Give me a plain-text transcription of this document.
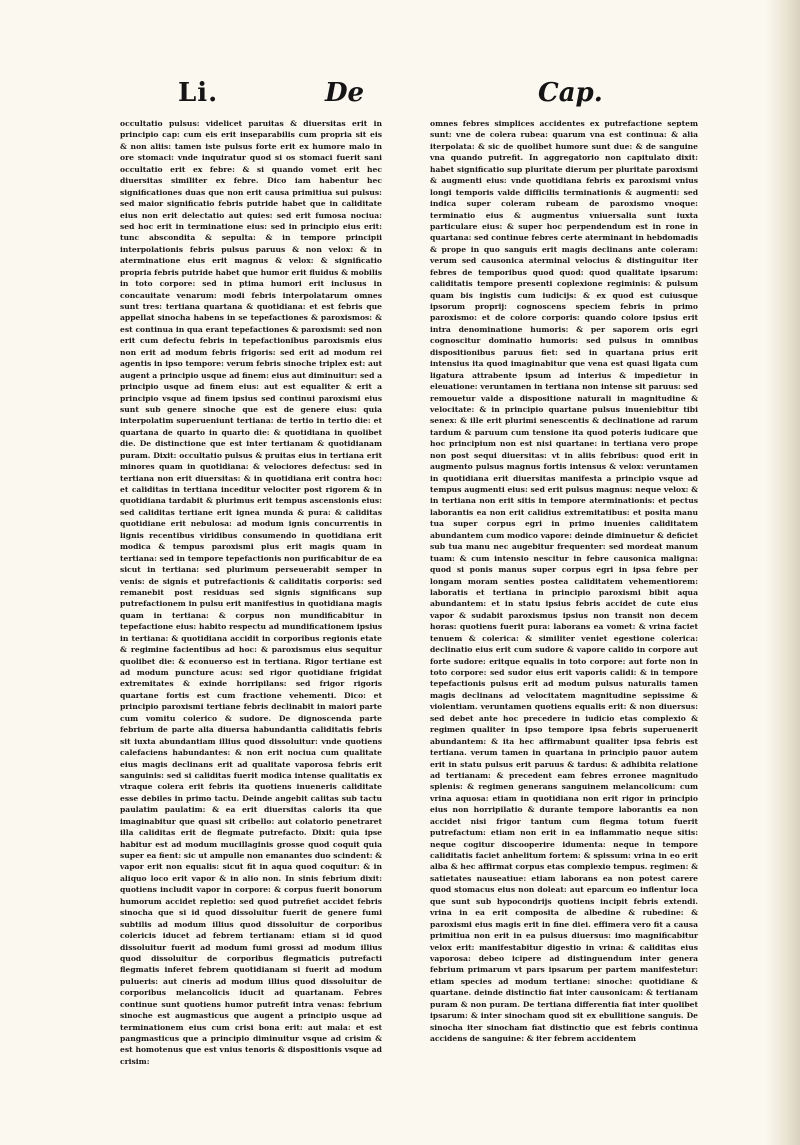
Li.	De	Cap.

occultatio pulsus: videlicet paruitas & diuersitas erit in principio cap: cum eis erit inseparabilis cum propria sit eis & non aliis: tamen iste pulsus forte erit ex humore malo in ore stomaci: vnde inquiratur quod si os stomaci fuerit sani occultatio erit ex febre: & si quando vomet erit hec diuersitas similiter ex febre. Dico iam habentur hec significationes duas que non erit causa primitiua sui pulsus: sed maior significatio febris putride habet que in caliditate eius non erit delectatio aut quies: sed erit fumosa nociua: sed hoc erit in terminatione eius: sed in principio eius erit: tunc abscondita & sepulta: & in tempore principii interpolationis febris pulsus paruus & non velox: & in aterminatione eius erit magnus & velox: & significatio propria febris putride habet que humor erit fluidus & mobilis in toto corpore: sed in ptima humori erit inclusus in concauitate venarum: modi febris interpolatarum omnes sunt tres: tertiana quartana & quotidiana: et est febris que appellat sinocha habens in se tepefactiones & paroxismos: & est continua in qua erant tepefactiones & paroxismi: sed non erit cum defectu febris in tepefactionibus paroxismis eius non erit ad modum febris frigoris: sed erit ad modum rei agentis in ipso tempore: verum febris sinoche triplex est: aut augent a principio usque ad finem: eius aut diminuitur: sed a principio usque ad finem eius: aut est equaliter & erit a principio vsque ad finem ipsius sed continui paroxismi eius sunt sub genere sinoche que est de genere eius: quia interpolatim superueniunt tertiana: de tertio in tertio die: et quartana de quarto in quarto die: & quotidiana in quolibet die. De distinctione que est inter tertianam & quotidianam puram. Dixit: occultatio pulsus & pruitas eius in tertiana erit minores quam in quotidiana: & velociores defectus: sed in tertiana non erit diuersitas: & in quotidiana erit contra hoc: et caliditas in tertiana inceditur velociter post rigorem & in quotidiana tardabit & plurimus erit tempus ascensionis eius: sed caliditas tertiane erit ignea munda & pura: & caliditas quotidiane erit nebulosa: ad modum ignis concurrentis in lignis recentibus viridibus consumendo in quotidiana erit modica & tempus paroxismi plus erit magis quam in tertiana: sed in tempore tepefactionis non purificabitur de ea sicut in tertiana: sed plurimum perseuerabit semper in venis: de signis et putrefactionis & caliditatis corporis: sed remanebit post residuas sed signis significans sup putrefactionem in pulsu erit manifestius in quotidiana magis quam in tertiana: & corpus non mundificabitur in tepefactione eius: habito respectu ad mundificationem ipsius in tertiana: & quotidiana accidit in corporibus regionis etate & regimine facientibus ad hoc: & paroxismus eius sequitur quolibet die: & econuerso est in tertiana. Rigor tertiane est ad modum puncture acus: sed rigor quotidiane frigidat extremitates & exinde horripilans: sed frigor rigoris quartane fortis est cum fractione vehementi. Dico: et principio paroxismi tertiane febris declinabit in maiori parte cum vomitu colerico & sudore. De dignoscenda parte febrium de parte alia diuersa habundantia caliditatis febris sit iuxta abundantiam illius quod dissoluitur: vnde quotiens calefaciens habundantes: & non erit nociua cum qualitate eius magis declinans erit ad qualitate vaporosa febris erit sanguinis: sed si caliditas fuerit modica intense qualitatis ex vtraque colera erit febris ita quotiens inueneris caliditate esse debiles in primo tactu. Deinde angebit calitas sub tactu paulatim paulatim: & ea erit diuersitas caloris ita que imaginabitur que quasi sit cribello: aut colatorio penetraret illa caliditas erit de flegmate putrefacto. Dixit: quia ipse habitur est ad modum mucillaginis grosse quod coquit quia super ea fient: sic ut ampulle non emanantes duo scindent: & vapor erit non equalis: sicut fit in aqua quod coquitur: & in aliquo loco erit vapor & in alio non. In sinis febrium dixit: quotiens includit vapor in corpore: & corpus fuerit bonorum humorum accidet repletio: sed quod putrefiet accidet febris sinocha que si id quod dissoluitur fuerit de genere fumi subtilis ad modum illius quod dissoluitur de corporibus colericis iducet ad febrem tertianam: etiam si id quod dissoluitur fuerit ad modum fumi grossi ad modum illius quod dissoluitur de corporibus flegmaticis putrefacti flegmatis inferet febrem quotidianam si fuerit ad modum pulueris: aut cineris ad modum illius quod dissoluitur de corporibus melancolicis iducit ad quartanam. Febres continue sunt quotiens humor putrefit intra venas: febrium sinoche est augmasticus que augent a principio usque ad terminationem eius cum crisi bona erit: aut mala: et est pangmasticus que a principio diminuitur vsque ad crisim & est homotenus que est vnius tenoris & dispositionis vsque ad crisim:

omnes febres simplices accidentes ex putrefactione septem sunt: vne de colera rubea: quarum vna est continua: & alia iterpolata: & sic de quolibet humore sunt due: & de sanguine vna quando putrefit. In aggregatorio non capitulato dixit: habet significatio sup pluritate dierum per pluritate paroxismi & augmenti eius: vnde quotidiana febris ex paroxismi vnius longi temporis valde difficilis terminationis & augmenti: sed indica super coleram rubeam de paroxismo vnoque: terminatio eius & augmentus vniuersalia sunt iuxta particulare eius: & super hoc perpendendum est in rone in quartana: sed continue febres certe aterminant in hebdomadis & prope in quo sanguis erit magis declinans ante coleram: verum sed causonica aterminal velocius & distinguitur iter febres de temporibus quod quod: quod qualitate ipsarum: caliditatis tempore presenti coplexione regiminis: & pulsum quam bis ingistis cum iudicijs: & ex quod est cuiusque ipsorum proprij: cognoscens speciem febris in primo paroxismo: et de colore corporis: quando colore ipsius erit intra denominatione humoris: & per saporem oris egri cognoscitur dominatio humoris: sed pulsus in omnibus dispositionibus paruus fiet: sed in quartana prius erit intensius ita quod imaginabitur que vena est quasi ligata cum ligatura attrabente ipsum ad interius & impedietur in eleuatione: veruntamen in tertiana non intense sit paruus: sed remouetur valde a dispositione naturali in magnitudine & velocitate: & in principio quartane pulsus inueniebitur tibi senex: & ille erit plurimi senescentis & declinatione ad rarum tardum & paruum cum tensione ita quod poteris iudicare que hoc principium non est nisi quartane: in tertiana vero prope non post sequi diuersitas: vt in aliis febribus: quod erit in augmento pulsus magnus fortis intensus & velox: veruntamen in quotidiana erit diuersitas manifesta a principio vsque ad tempus augmenti eius: sed erit pulsus magnus: neque velox: & in tertiana non erit sitis in tempore aterminationis: et pectus laborantis ea non erit calidius extremitatibus: et posita manu tua super corpus egri in primo inuenies caliditatem abundantem cum modico vapore: deinde diminuetur & deficiet sub tua manu nec augebitur frequenter: sed mordeat manum tuam: & cum intensio nescitur in febre causonica maligna: quod si ponis manus super corpus egri in ipsa febre per longam moram senties postea caliditatem vehementiorem: laboratis et tertiana in principio paroxismi bibit aqua abundantem: et in statu ipsius febris accidet de cute eius vapor & sudabit paroxismus ipsius non transit non decem horas: quotiens fuerit pura: laborans ea vomet: & vrina faciet tenuem & colerica: & similiter veniet egestione colerica: declinatio eius erit cum sudore & vapore calido in corpore aut forte sudore: eritque equalis in toto corpore: aut forte non in toto corpore: sed sudor eius erit vaporis calidi: & in tempore tepefactionis pulsus erit ad modum pulsus naturalis tamen magis declinans ad velocitatem magnitudine sepissime & violentiam. veruntamen quotiens equalis erit: & non diuersus: sed debet ante hoc precedere in iudicio etas complexio & regimen qualiter in ipso tempore ipsa febris superuenerit abundantem: & ita hec affirmabunt qualiter ipsa febris est tertiana. verum tamen in quartana in principio pauor autem erit in statu pulsus erit paruus & tardus: & adhibita relatione ad tertianam: & precedent eam febres erronee magnitudo splenis: & regimen generans sanguinem melancolicum: cum vrina aquosa: etiam in quotidiana non erit rigor in principio eius non horripilatio & durante tempore laborantis ea non accidet nisi frigor tantum cum flegma totum fuerit putrefactum: etiam non erit in ea inflammatio neque sitis: neque cogitur discooperire idumenta: neque in tempore caliditatis faciet anhelitum fortem: & spissum: vrina in eo erit alba & hec affirmat corpus etas complexio tempus. regimen: & satietates nauseatiue: etiam laborans ea non potest carere quod stomacus eius non doleat: aut eparcum eo inflentur loca que sunt sub hypocondrijs quotiens incipit febris extendi. vrina in ea erit composita de albedine & rubedine: & paroxismi eius magis erit in fine diei. effimera vero fit a causa primitiua non erit in ea pulsus diuersus: imo magnificabitur velox erit: manifestabitur digestio in vrina: & caliditas eius vaporosa: debeo icipere ad distinguendum inter genera febrium primarum vt pars ipsarum per partem manifestetur: etiam species ad modum tertiane: sinoche: quotidiane & quartane. deinde distinctio fiat inter causonicam: & tertianam puram & non puram. De tertiana differentia fiat inter quolibet ipsarum: & inter sinocham quod sit ex ebullitione sanguis. De sinocha iter sinocham fiat distinctio que est febris continua accidens de sanguine: & iter febrem accidentem
